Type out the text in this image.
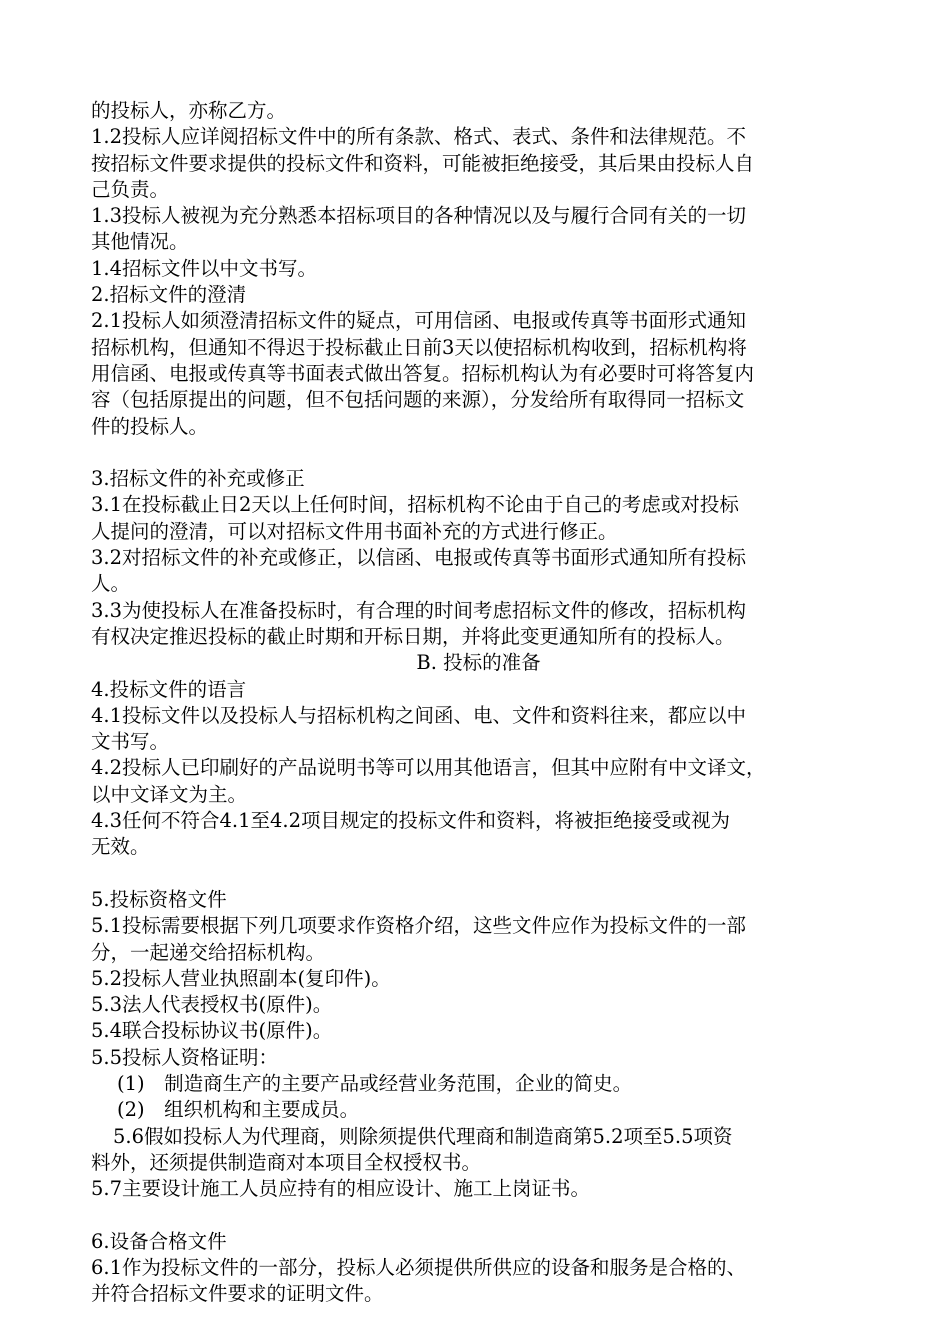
的投标人，亦称乙方。
1.2投标人应详阅招标文件中的所有条款、格式、表式、条件和法律规范。不
按招标文件要求提供的投标文件和资料，可能被拒绝接受，其后果由投标人自
己负责。
1.3投标人被视为充分熟悉本招标项目的各种情况以及与履行合同有关的一切
其他情况。
1.4招标文件以中文书写。
2.招标文件的澄清
2.1投标人如须澄清招标文件的疑点，可用信函、电报或传真等书面形式通知
招标机构，但通知不得迟于投标截止日前3天以使招标机构收到，招标机构将
用信函、电报或传真等书面表式做出答复。招标机构认为有必要时可将答复内
容（包括原提出的问题，但不包括问题的来源），分发给所有取得同一招标文
件的投标人。
3.招标文件的补充或修正
3.1在投标截止日2天以上任何时间，招标机构不论由于自己的考虑或对投标
人提问的澄清，可以对招标文件用书面补充的方式进行修正。
3.2对招标文件的补充或修正，以信函、电报或传真等书面形式通知所有投标
人。
3.3为使投标人在准备投标时，有合理的时间考虑招标文件的修改，招标机构
有权决定推迟投标的截止时期和开标日期，并将此变更通知所有的投标人。
B. 投标的准备
4.投标文件的语言
4.1投标文件以及投标人与招标机构之间函、电、文件和资料往来，都应以中
文书写。
4.2投标人已印刷好的产品说明书等可以用其他语言，但其中应附有中文译文，
以中文译文为主。
4.3任何不符合4.1至4.2项目规定的投标文件和资料，将被拒绝接受或视为
无效。
5.投标资格文件
5.1投标需要根据下列几项要求作资格介绍，这些文件应作为投标文件的一部
分，一起递交给招标机构。
5.2投标人营业执照副本(复印件)。
5.3法人代表授权书(原件)。
5.4联合投标协议书(原件)。
5.5投标人资格证明：
(1)　制造商生产的主要产品或经营业务范围，企业的简史。
(2)　组织机构和主要成员。
5.6假如投标人为代理商，则除须提供代理商和制造商第5.2项至5.5项资
料外，还须提供制造商对本项目全权授权书。
5.7主要设计施工人员应持有的相应设计、施工上岗证书。
6.设备合格文件
6.1作为投标文件的一部分，投标人必须提供所供应的设备和服务是合格的、
并符合招标文件要求的证明文件。
